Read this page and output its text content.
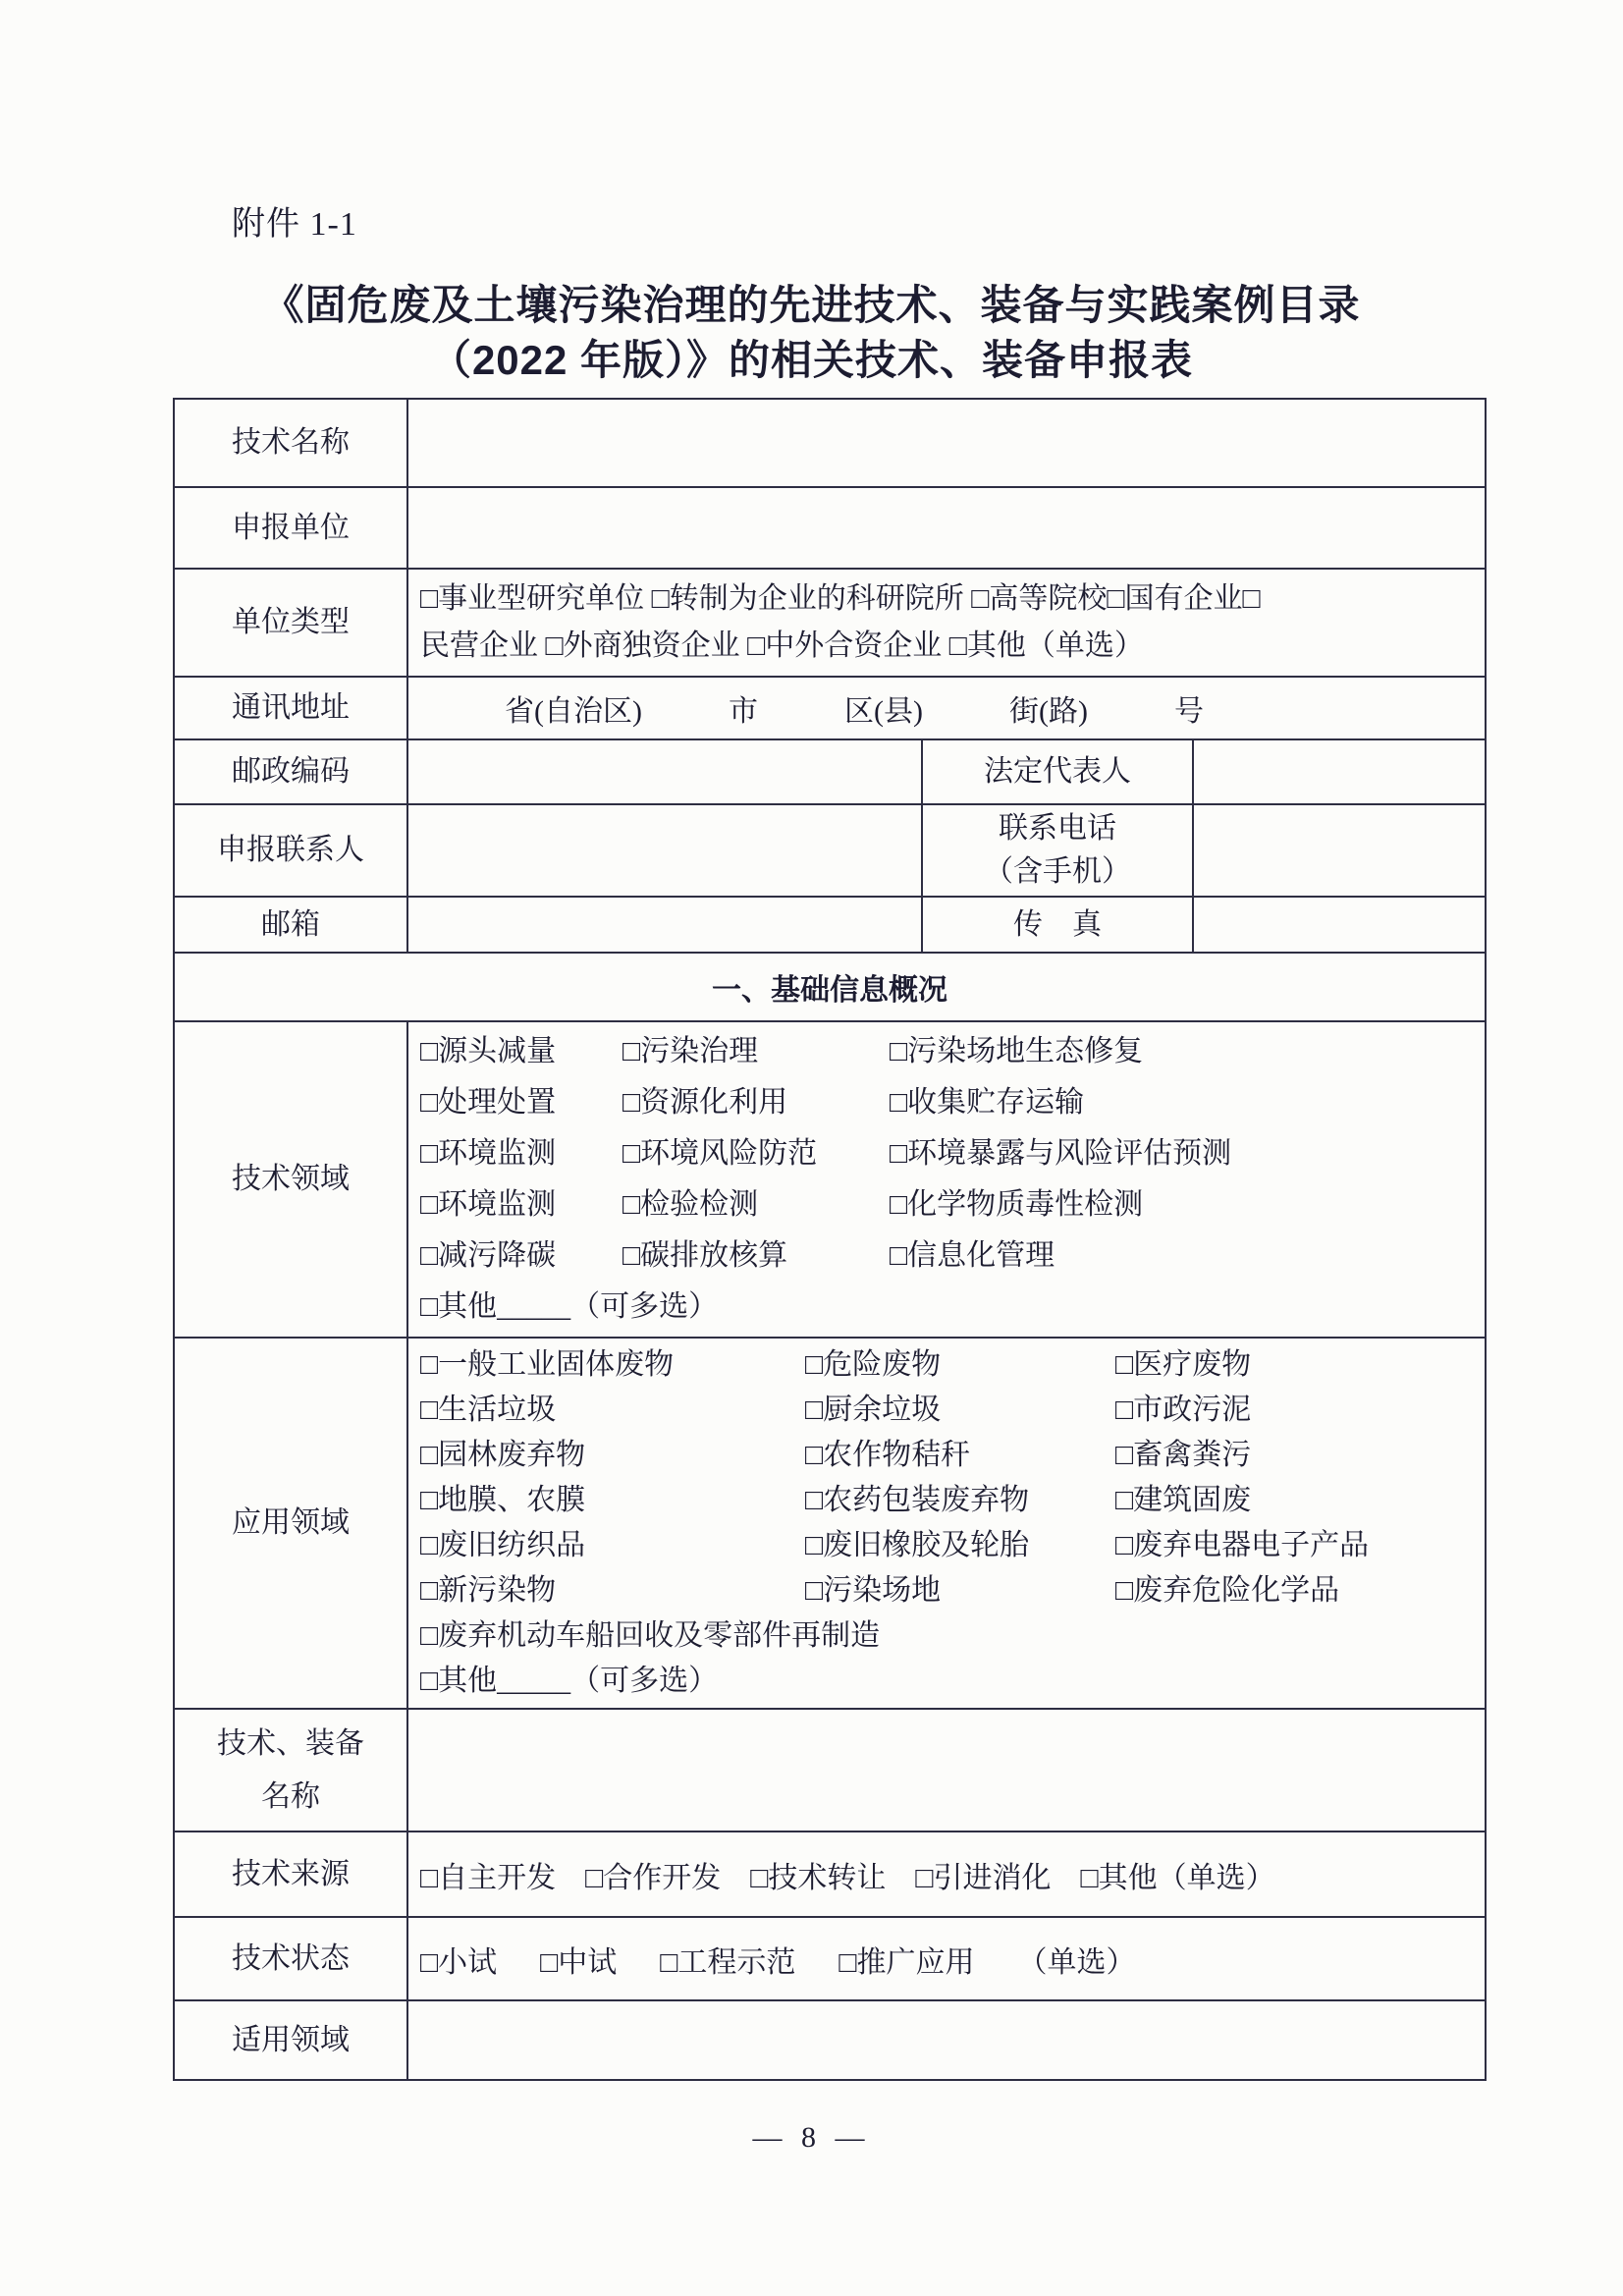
附件 1-1
《固危废及土壤污染治理的先进技术、装备与实践案例目录
（2022 年版）》的相关技术、装备申报表
技术名称			
申报单位			
单位类型	□事业型研究单位 □转制为企业的科研院所 □高等院校□国有企业□
民营企业 □外商独资企业 □中外合资企业 □其他（单选）		

通讯地址	省(自治区) 市 区(县) 街(路) 号		

邮政编码		法定代表人	
申报联系人		联系电话
（含手机）	

邮箱		传　真	
一、基础信息概况			
技术领域	
□源头减量	□污染治理	□污染场地生态修复
□处理处置	□资源化利用	□收集贮存运输
□环境监测	□环境风险防范	□环境暴露与风险评估预测
□环境监测	□检验检测	□化学物质毒性检测
□减污降碳	□碳排放核算	□信息化管理
□其他_____（可多选）

应用领域	
□一般工业固体废物	□危险废物	□医疗废物
□生活垃圾	□厨余垃圾	□市政污泥
□园林废弃物	□农作物秸秆	□畜禽粪污
□地膜、农膜	□农药包装废弃物	□建筑固废
□废旧纺织品	□废旧橡胶及轮胎	□废弃电器电子产品
□新污染物	□污染场地	□废弃危险化学品
□废弃机动车船回收及零部件再制造
□其他_____（可多选）

技术、装备
名称			

技术来源	□自主开发 □合作开发 □技术转让 □引进消化 □其他（单选）		

技术状态	□小试 □中试 □工程示范 □推广应用 （单选）		

适用领域			
— 8 —
